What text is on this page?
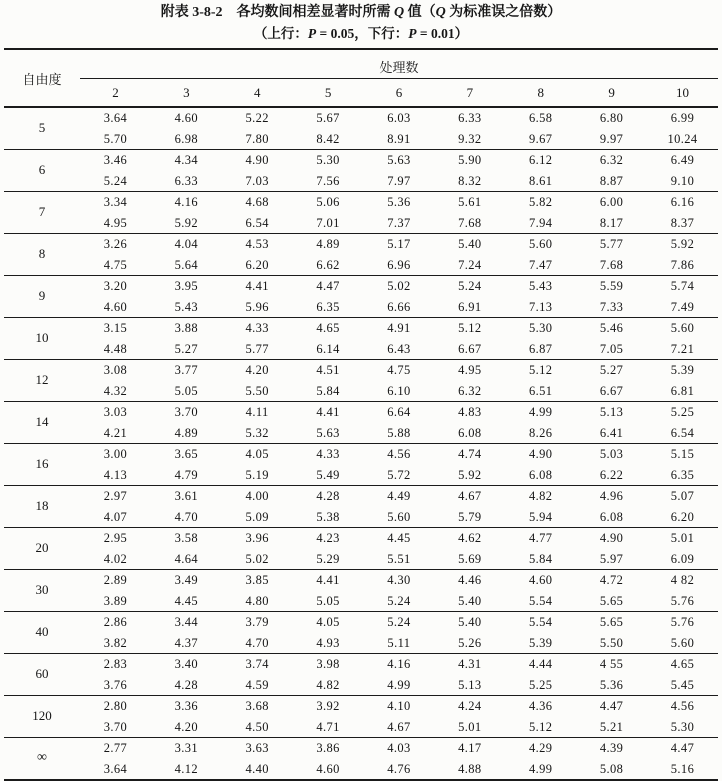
附表 3-8-2　各均数间相差显著时所需 Q 值（Q 为标准误之倍数）
（上行：P = 0.05，下行：P = 0.01）
自由度	处理数								
	2	3	4	5	6	7	8	9	10
5	3.64	4.60	5.22	5.67	6.03	6.33	6.58	6.80	6.99
	5.70	6.98	7.80	8.42	8.91	9.32	9.67	9.97	10.24
6	3.46	4.34	4.90	5.30	5.63	5.90	6.12	6.32	6.49
	5.24	6.33	7.03	7.56	7.97	8.32	8.61	8.87	9.10
7	3.34	4.16	4.68	5.06	5.36	5.61	5.82	6.00	6.16
	4.95	5.92	6.54	7.01	7.37	7.68	7.94	8.17	8.37
8	3.26	4.04	4.53	4.89	5.17	5.40	5.60	5.77	5.92
	4.75	5.64	6.20	6.62	6.96	7.24	7.47	7.68	7.86
9	3.20	3.95	4.41	4.47	5.02	5.24	5.43	5.59	5.74
	4.60	5.43	5.96	6.35	6.66	6.91	7.13	7.33	7.49
10	3.15	3.88	4.33	4.65	4.91	5.12	5.30	5.46	5.60
	4.48	5.27	5.77	6.14	6.43	6.67	6.87	7.05	7.21
12	3.08	3.77	4.20	4.51	4.75	4.95	5.12	5.27	5.39
	4.32	5.05	5.50	5.84	6.10	6.32	6.51	6.67	6.81
14	3.03	3.70	4.11	4.41	6.64	4.83	4.99	5.13	5.25
	4.21	4.89	5.32	5.63	5.88	6.08	8.26	6.41	6.54
16	3.00	3.65	4.05	4.33	4.56	4.74	4.90	5.03	5.15
	4.13	4.79	5.19	5.49	5.72	5.92	6.08	6.22	6.35
18	2.97	3.61	4.00	4.28	4.49	4.67	4.82	4.96	5.07
	4.07	4.70	5.09	5.38	5.60	5.79	5.94	6.08	6.20
20	2.95	3.58	3.96	4.23	4.45	4.62	4.77	4.90	5.01
	4.02	4.64	5.02	5.29	5.51	5.69	5.84	5.97	6.09
30	2.89	3.49	3.85	4.41	4.30	4.46	4.60	4.72	4 82
	3.89	4.45	4.80	5.05	5.24	5.40	5.54	5.65	5.76
40	2.86	3.44	3.79	4.05	5.24	5.40	5.54	5.65	5.76
	3.82	4.37	4.70	4.93	5.11	5.26	5.39	5.50	5.60
60	2.83	3.40	3.74	3.98	4.16	4.31	4.44	4 55	4.65
	3.76	4.28	4.59	4.82	4.99	5.13	5.25	5.36	5.45
120	2.80	3.36	3.68	3.92	4.10	4.24	4.36	4.47	4.56
	3.70	4.20	4.50	4.71	4.67	5.01	5.12	5.21	5.30
∞	2.77	3.31	3.63	3.86	4.03	4.17	4.29	4.39	4.47
	3.64	4.12	4.40	4.60	4.76	4.88	4.99	5.08	5.16
